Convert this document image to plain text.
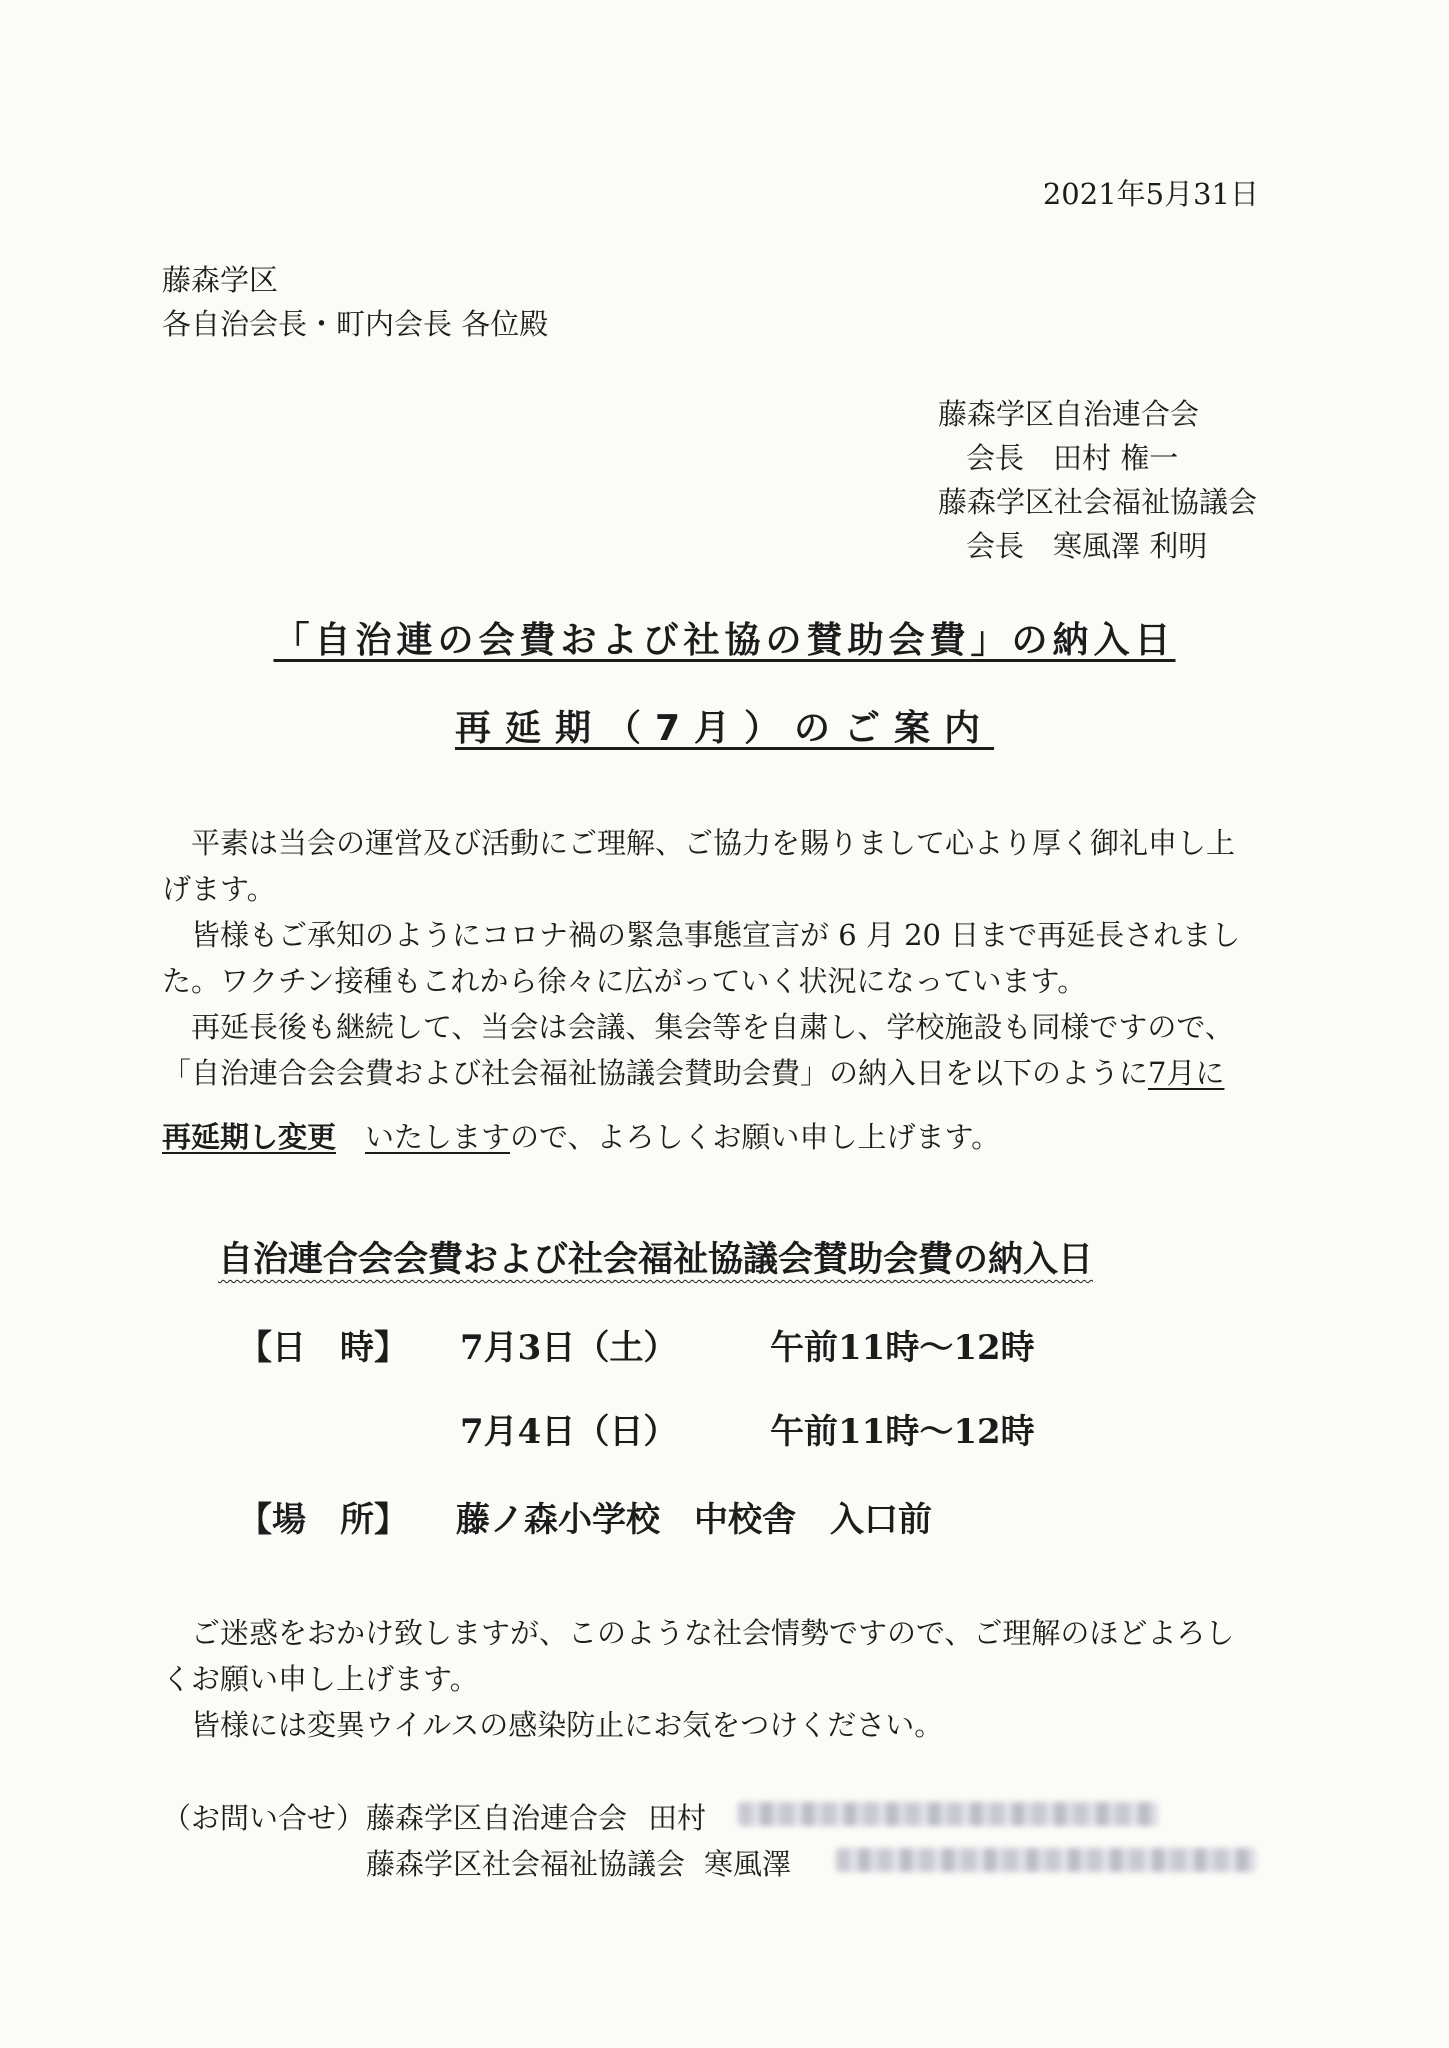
2021年5月31日
藤森学区
各自治会長・町内会長 各位殿
藤森学区自治連合会
会長　田村 権一
藤森学区社会福祉協議会
会長　寒風澤 利明
「自治連の会費および社協の賛助会費」の納入日
再延期（7月）のご案内

平素は当会の運営及び活動にご理解、ご協力を賜りまして心より厚く御礼申し上げます。

皆様もご承知のようにコロナ禍の緊急事態宣言が 6 月 20 日まで再延長されました。ワクチン接種もこれから徐々に広がっていく状況になっています。

再延長後も継続して、当会は会議、集会等を自粛し、学校施設も同様ですので、

「自治連合会会費および社会福祉協議会賛助会費」の納入日を以下のように7月に

再延期し変更　 いたしますので、よろしくお願い申し上げます。

自治連合会会費および社会福祉協議会賛助会費の納入日
【日　時】 7月3日（土）	午前11時～12時
7月4日（日）	午前11時～12時
【場　所】 藤ノ森小学校　中校舎　入口前

ご迷惑をおかけ致しますが、このような社会情勢ですので、ご理解のほどよろしくお願い申し上げます。

皆様には変異ウイルスの感染防止にお気をつけください。

（お問い合せ） 藤森学区自治連合会 田村
藤森学区社会福祉協議会 寒風澤
